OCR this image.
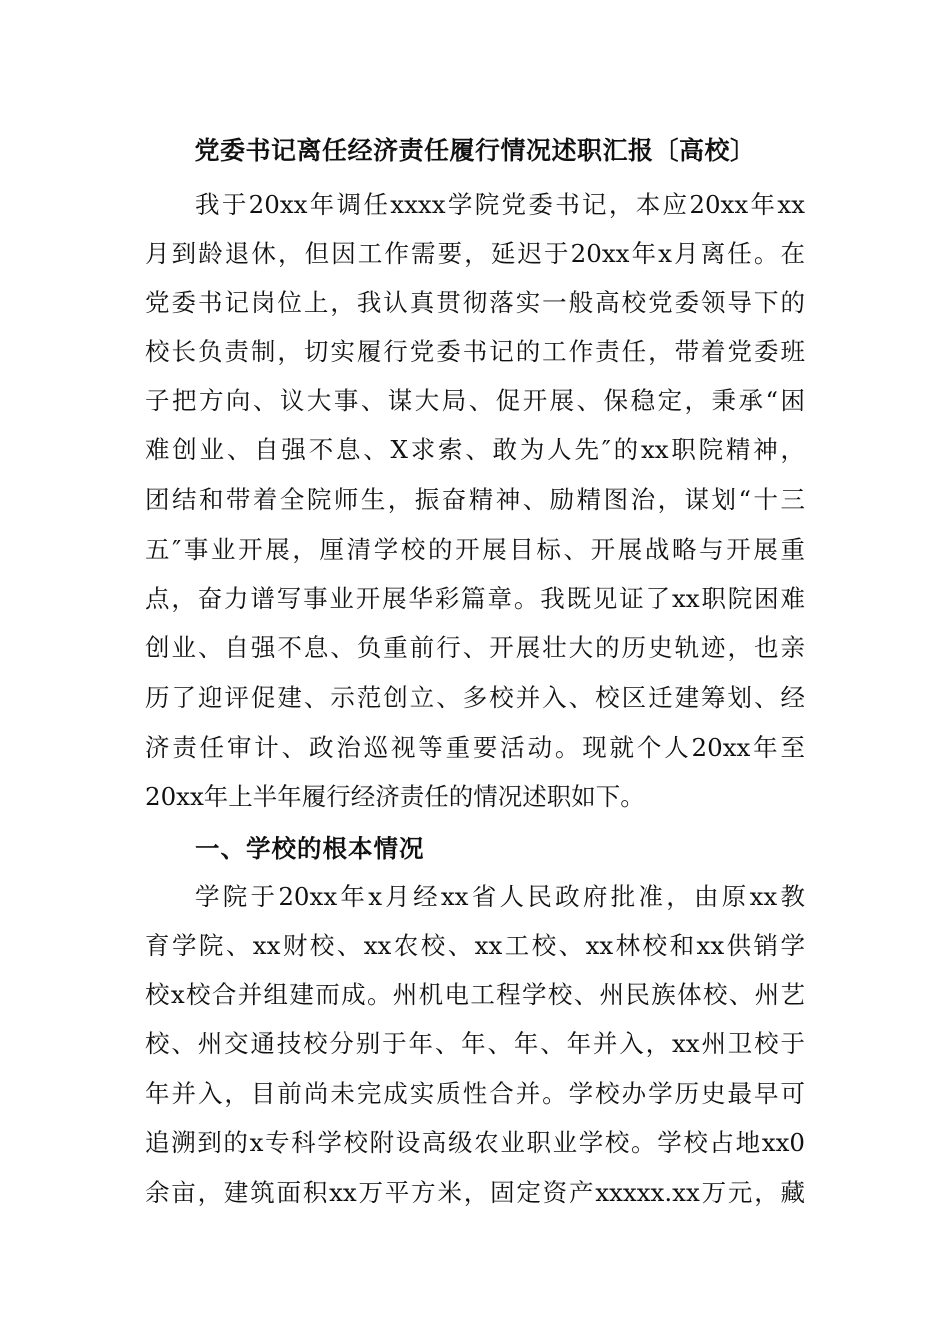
党委书记离任经济责任履行情况述职汇报〔高校〕
我于20xx年调任xxxx学院党委书记，本应20xx年xx
月到龄退休，但因工作需要，延迟于20xx年x月离任。在
党委书记岗位上，我认真贯彻落实一般高校党委领导下的
校长负责制，切实履行党委书记的工作责任，带着党委班
子把方向、议大事、谋大局、促开展、保稳定，秉承“困
难创业、自强不息、X求索、敢为人先″的xx职院精神，
团结和带着全院师生，振奋精神、励精图治，谋划“十三
五″事业开展，厘清学校的开展目标、开展战略与开展重
点，奋力谱写事业开展华彩篇章。我既见证了xx职院困难
创业、自强不息、负重前行、开展壮大的历史轨迹，也亲
历了迎评促建、示范创立、多校并入、校区迁建筹划、经
济责任审计、政治巡视等重要活动。现就个人20xx年至
20xx年上半年履行经济责任的情况述职如下。
一、学校的根本情况
学院于20xx年x月经xx省人民政府批准，由原xx教
育学院、xx财校、xx农校、xx工校、xx林校和xx供销学
校x校合并组建而成。州机电工程学校、州民族体校、州艺
校、州交通技校分别于年、年、年、年并入，xx州卫校于
年并入，目前尚未完成实质性合并。学校办学历史最早可
追溯到的x专科学校附设高级农业职业学校。学校占地xx0
余亩，建筑面积xx万平方米，固定资产xxxxx.xx万元，藏
